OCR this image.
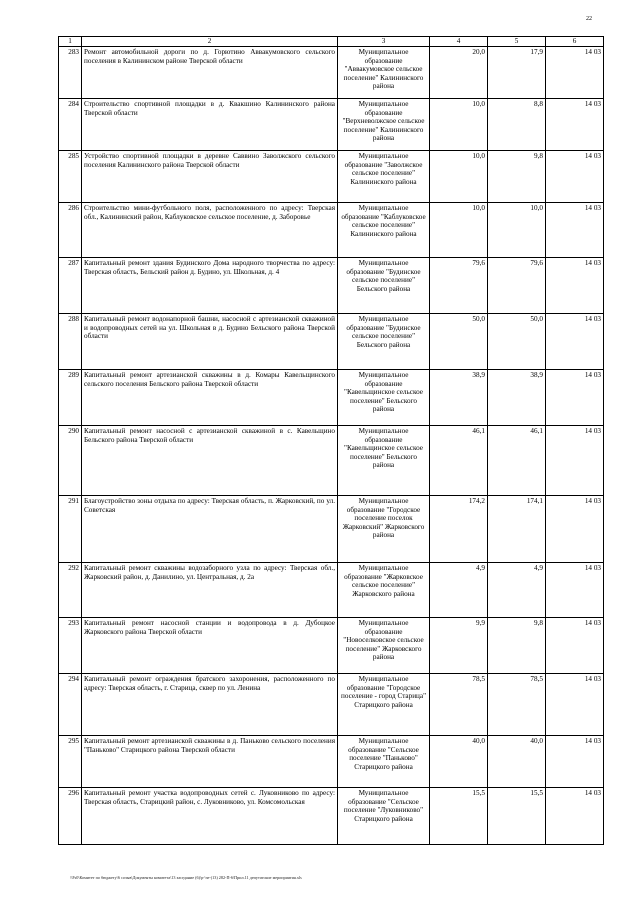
22
1	2	3	4	5	6
283	Ремонт автомобильной дороги по д. Горютино Аввакумовского сельского поселения в Калининском районе Тверской области	Муниципальное образование "Аввакумовское сельское поселение" Калининского района	20,0	17,9	14 03
284	Строительство спортивной площадки в д. Квакшино Калининского района Тверской области	Муниципальное образование "Верхневолжское сельское поселение" Калининского района	10,0	8,8	14 03
285	Устройство спортивной площадки в деревне Саввино Заволжского сельского поселения Калининского района Тверской области	Муниципальное образование "Заволжское сельское поселение" Калининского района	10,0	9,8	14 03
286	Строительство мини-футбольного поля, расположенного по адресу: Тверская обл., Калининский район, Каблуковское сельское поселение, д. Заборовье	Муниципальное образование "Каблуковское сельское поселение" Калининского района	10,0	10,0	14 03
287	Капитальный ремонт здания Будинского Дома народного творчества по адресу: Тверская область, Бельский район д. Будино, ул. Школьная, д. 4	Муниципальное образование "Будинское сельское поселение" Бельского района	79,6	79,6	14 03
288	Капитальный ремонт водонапорной башни, насосной с артезианской скважиной и водопроводных сетей на ул. Школьная в д. Будино Бельского района Тверской области	Муниципальное образование "Будинское сельское поселение" Бельского района	50,0	50,0	14 03
289	Капитальный ремонт артезианской скважины в д. Комары Кавельщинского сельского поселения Бельского района Тверской области	Муниципальное образование "Кавельщинское сельское поселение" Бельского района	38,9	38,9	14 03
290	Капитальный ремонт насосной с артезианской скважиной в с. Кавельщино Бельского района Тверской области	Муниципальное образование "Кавельщинское сельское поселение" Бельского района	46,1	46,1	14 03
291	Благоустройство зоны отдыха по адресу: Тверская область, п. Жарковский, по ул. Советская	Муниципальное образование "Городское поселение поселок Жарковский" Жарковского района	174,2	174,1	14 03
292	Капитальный ремонт скважины водозаборного узла по адресу: Тверская обл., Жарковский район, д. Данилино, ул. Центральная, д. 2а	Муниципальное образование "Жарковское сельское поселение" Жарковского района	4,9	4,9	14 03
293	Капитальный ремонт насосной станции и водопровода в д. Дубоцкое Жарковского района Тверской области	Муниципальное образование "Новоселковское сельское поселение" Жарковского района	9,9	9,8	14 03
294	Капитальный ремонт ограждения братского захоронения, расположенного по адресу: Тверская область, г. Старица, сквер по ул. Ленина	Муниципальное образование "Городское поселение - город Старица" Старицкого района	78,5	78,5	14 03
295	Капитальный ремонт артезианской скважины в д. Паньково сельского поселения "Паньково" Старицкого района Тверской области	Муниципальное образование "Сельское поселение "Паньково" Старицкого района	40,0	40,0	14 03
296	Капитальный ремонт участка водопроводных сетей с. Луковниково по адресу: Тверская область, Старицкий район, с. Луковниково, ул. Комсомольская	Муниципальное образование "Сельское поселение "Луковниково" Старицкого района	15,5	15,5	14 03
\\Fs0\Комитет по бюджету\6 созыв\Документы комитета\13 заседание (6)\р-\зе-(13) 282-П-6\Прил.11 депутатские мероприятия.xls
